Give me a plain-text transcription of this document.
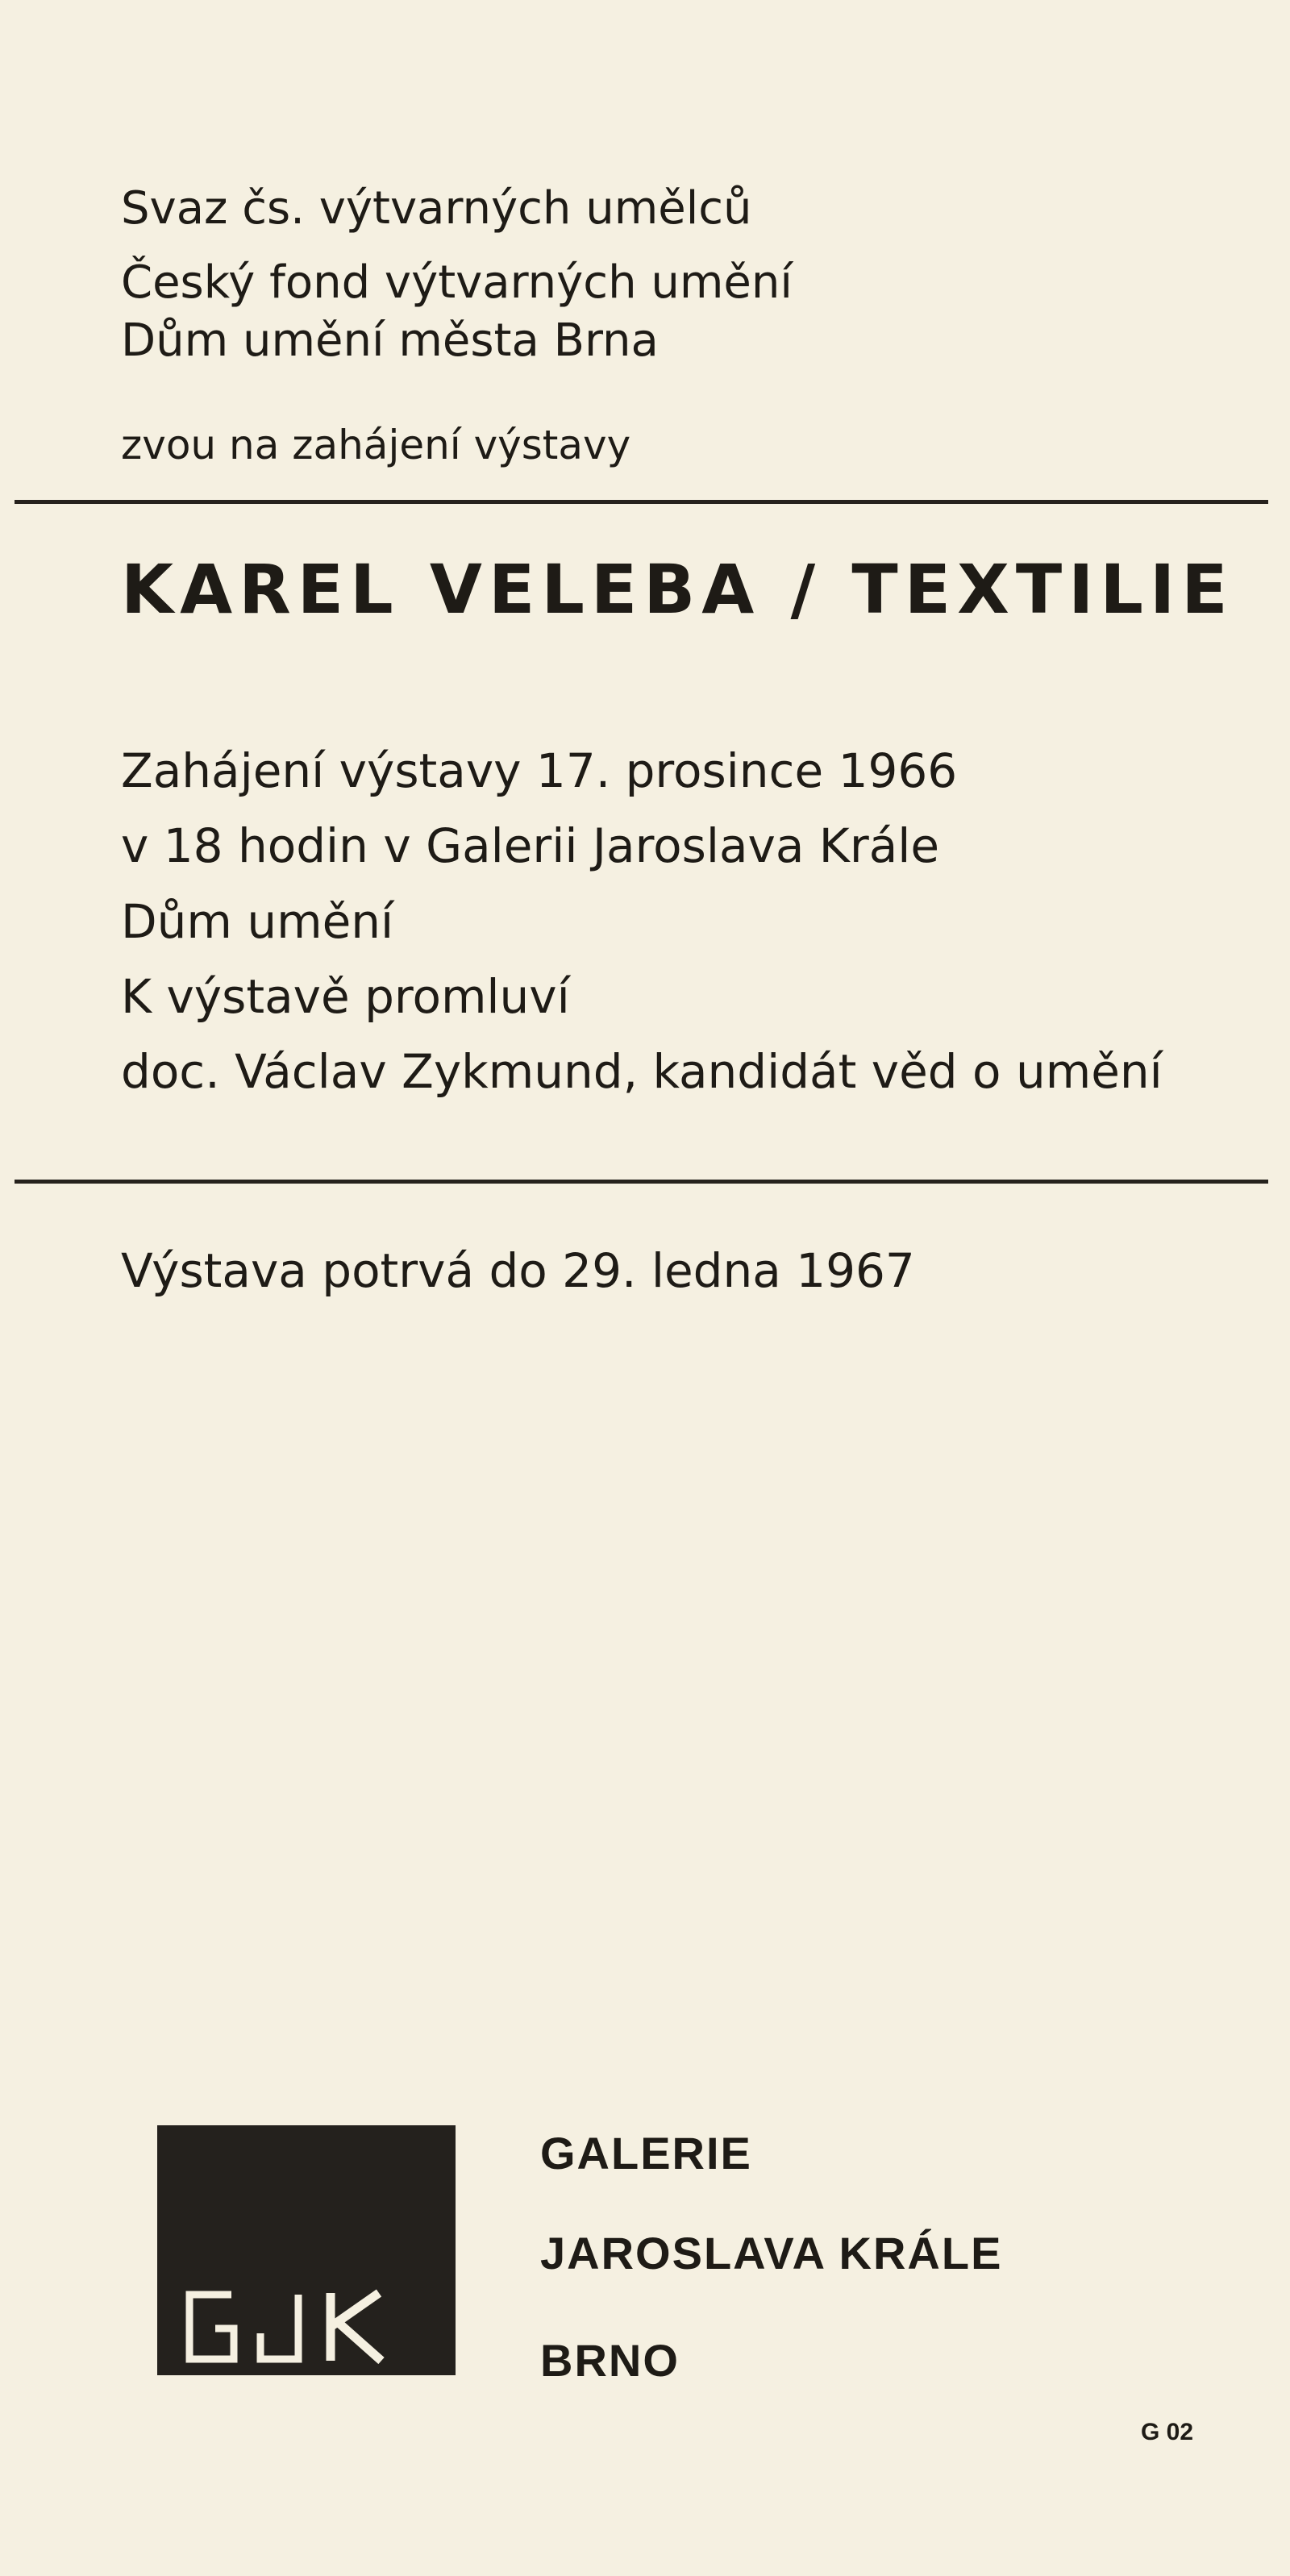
Svaz čs. výtvarných umělců
Český fond výtvarných umění
Dům umění města Brna
zvou na zahájení výstavy
KAREL VELEBA / TEXTILIE
Zahájení výstavy 17. prosince 1966
v 18 hodin v Galerii Jaroslava Krále
Dům umění
K výstavě promluví
doc. Václav Zykmund, kandidát věd o umění
Výstava potrvá do 29. ledna 1967
GALERIE
JAROSLAVA KRÁLE
BRNO
G 02
